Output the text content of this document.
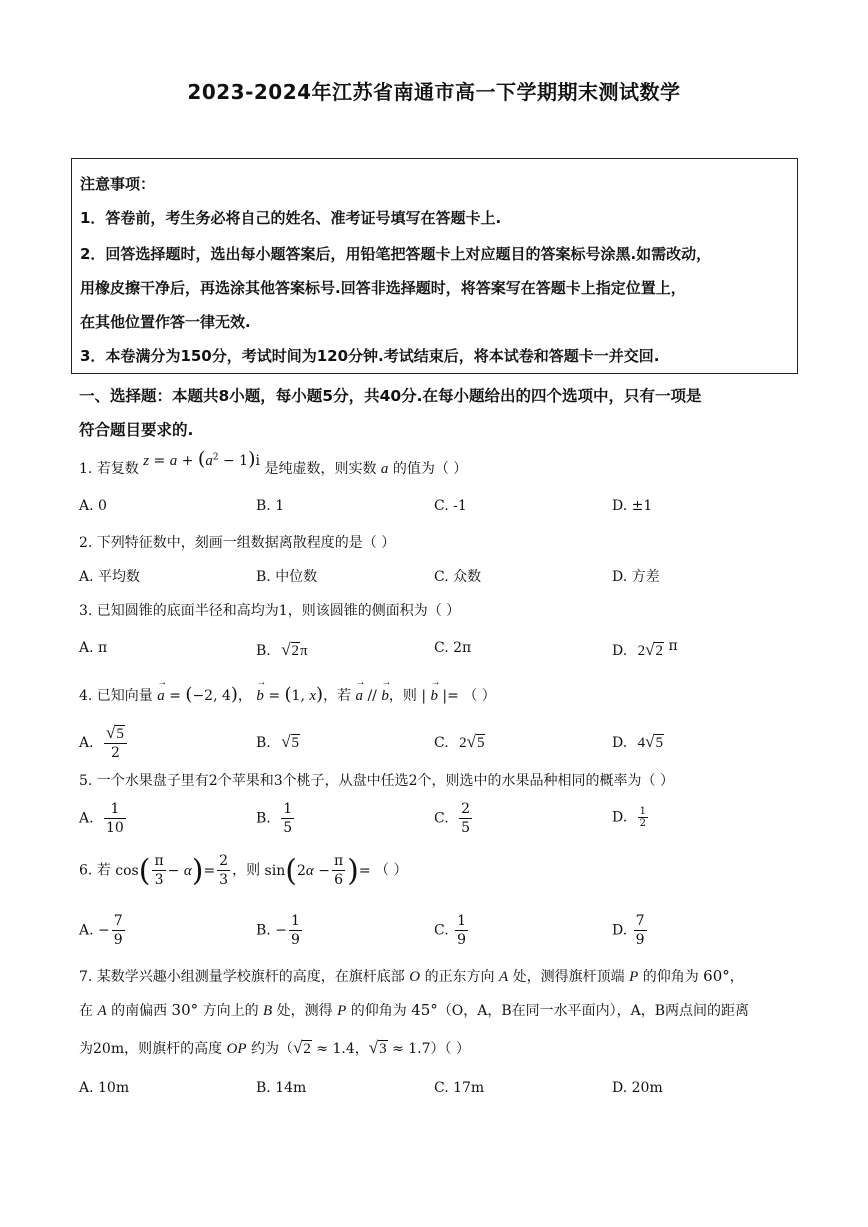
2023-2024年江苏省南通市高一下学期期末测试数学
注意事项：
1．答卷前，考生务必将自己的姓名、准考证号填写在答题卡上.
2．回答选择题时，选出每小题答案后，用铅笔把答题卡上对应题目的答案标号涂黑.如需改动，
用橡皮擦干净后，再选涂其他答案标号.回答非选择题时，将答案写在答题卡上指定位置上，
在其他位置作答一律无效.
3．本卷满分为150分，考试时间为120分钟.考试结束后，将本试卷和答题卡一并交回.
一、选择题：本题共8小题，每小题5分，共40分.在每小题给出的四个选项中，只有一项是
符合题目要求的.
1. 若复数 $z = a + (a^2 - 1)i$ 是纯虚数，则实数 a 的值为（ ）
A. 0	B. 1	C. -1	D. ±1
2. 下列特征数中，刻画一组数据离散程度的是（ ）
A. 平均数	B. 中位数	C. 众数	D. 方差
3. 已知圆锥的底面半径和高均为1，则该圆锥的侧面积为（ ）
A. π	B. √2π	C. 2π	D. 2√2 π
4. 已知向量 → a = (−2, 4)， → b = (1, x)，若 → a // → b，则 | → b |= （ ）
A. $\frac{√5}{2}$	B. √5	C. 2√5	D. 4√5
5. 一个水果盘子里有2个苹果和3个桃子，从盘中任选2个，则选中的水果品种相同的概率为（ ）
A. $\frac{1}{10}$	B. $\frac{1}{5}$	C. $\frac{2}{5}$	D. $\frac{1}{2}$
6. 若 $\cos( \frac{\pi}{3} - \alpha)= \frac{2}{3}$ ，则 $\sin(2\alpha - \frac{\pi}{6}$ )= （ ）
A. − $\frac{7}{9}$	B. − $\frac{1}{9}$	C. $\frac{1}{9}$	D. $\frac{7}{9}$
7. 某数学兴趣小组测量学校旗杆的高度，在旗杆底部 O 的正东方向 A 处，测得旗杆顶端 P 的仰角为 60°，
在 A 的南偏西 30° 方向上的 B 处，测得 P 的仰角为 45°（O，A，B在同一水平面内），A，B两点间的距离
为20m，则旗杆的高度 OP 约为（√2 ≈ 1.4，√3 ≈ 1.7）（ ）
A. 10m	B. 14m	C. 17m	D. 20m
